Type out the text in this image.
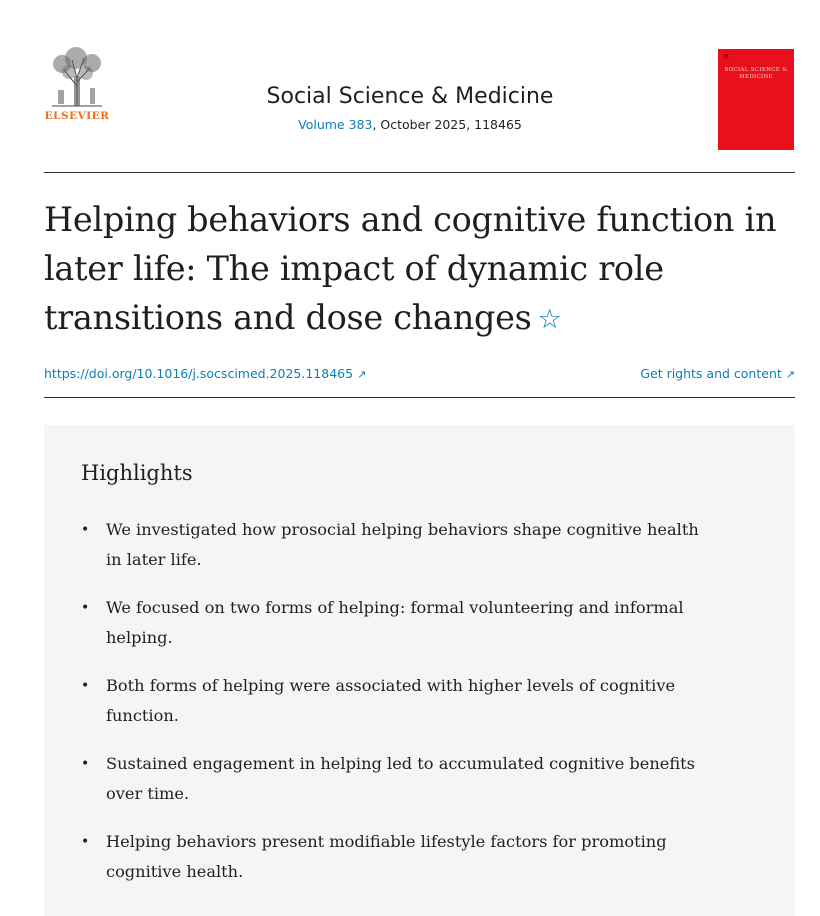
ELSEVIER
Social Science & Medicine
Volume 383, October 2025, 118465
✕
SOCIAL SCIENCE & MEDICINE
Helping behaviors and cognitive function in later life: The impact of dynamic role transitions and dose changes ☆
https://doi.org/10.1016/j.socscimed.2025.118465 ↗	Get rights and content ↗
Highlights
• We investigated how prosocial helping behaviors shape cognitive health in later life.
• We focused on two forms of helping: formal volunteering and informal helping.
• Both forms of helping were associated with higher levels of cognitive function.
• Sustained engagement in helping led to accumulated cognitive benefits over time.
• Helping behaviors present modifiable lifestyle factors for promoting cognitive health.
